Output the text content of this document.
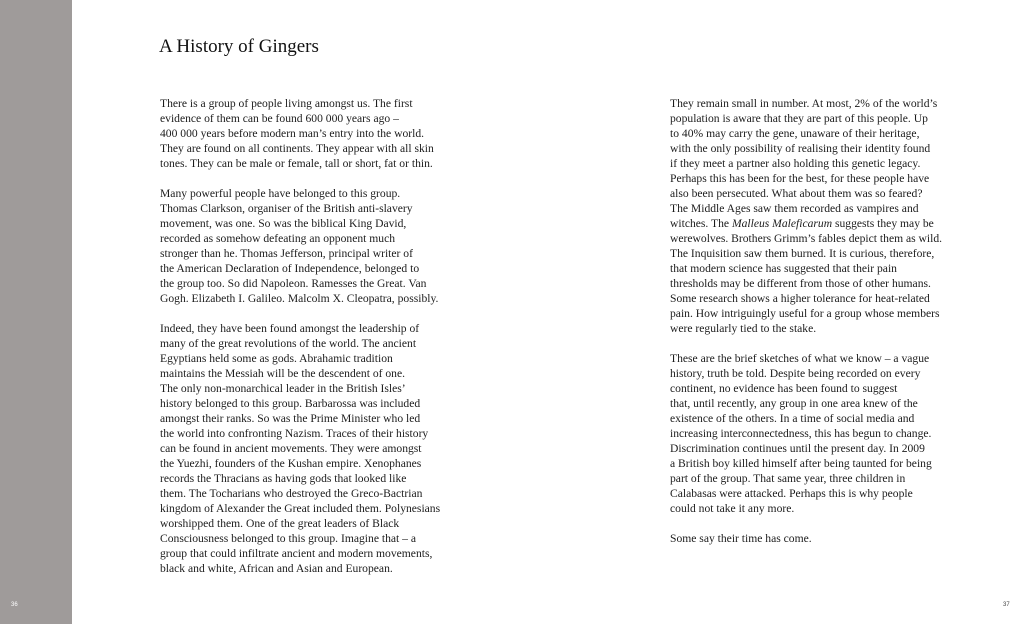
36	37
A History of Gingers

There is a group of people living amongst us. The first
evidence of them can be found 600 000 years ago –
400 000 years before modern man’s entry into the world.
They are found on all continents. They appear with all skin
tones. They can be male or female, tall or short, fat or thin.

Many powerful people have belonged to this group.
Thomas Clarkson, organiser of the British anti-slavery
movement, was one. So was the biblical King David,
recorded as somehow defeating an opponent much
stronger than he. Thomas Jefferson, principal writer of
the American Declaration of Independence, belonged to
the group too. So did Napoleon. Ramesses the Great. Van
Gogh. Elizabeth I. Galileo. Malcolm X. Cleopatra, possibly.

Indeed, they have been found amongst the leadership of
many of the great revolutions of the world. The ancient
Egyptians held some as gods. Abrahamic tradition
maintains the Messiah will be the descendent of one.
The only non-monarchical leader in the British Isles’
history belonged to this group. Barbarossa was included
amongst their ranks. So was the Prime Minister who led
the world into confronting Nazism. Traces of their history
can be found in ancient movements. They were amongst
the Yuezhi, founders of the Kushan empire. Xenophanes
records the Thracians as having gods that looked like
them. The Tocharians who destroyed the Greco-Bactrian
kingdom of Alexander the Great included them. Polynesians
worshipped them. One of the great leaders of Black
Consciousness belonged to this group. Imagine that – a
group that could infiltrate ancient and modern movements,
black and white, African and Asian and European.

They remain small in number. At most, 2% of the world’s
population is aware that they are part of this people. Up
to 40% may carry the gene, unaware of their heritage,
with the only possibility of realising their identity found
if they meet a partner also holding this genetic legacy.
Perhaps this has been for the best, for these people have
also been persecuted. What about them was so feared?
The Middle Ages saw them recorded as vampires and
witches. The Malleus Maleficarum suggests they may be
werewolves. Brothers Grimm’s fables depict them as wild.
The Inquisition saw them burned. It is curious, therefore,
that modern science has suggested that their pain
thresholds may be different from those of other humans.
Some research shows a higher tolerance for heat-related
pain. How intriguingly useful for a group whose members
were regularly tied to the stake.

These are the brief sketches of what we know – a vague
history, truth be told. Despite being recorded on every
continent, no evidence has been found to suggest
that, until recently, any group in one area knew of the
existence of the others. In a time of social media and
increasing interconnectedness, this has begun to change.
Discrimination continues until the present day. In 2009
a British boy killed himself after being taunted for being
part of the group. That same year, three children in
Calabasas were attacked. Perhaps this is why people
could not take it any more.

Some say their time has come.
